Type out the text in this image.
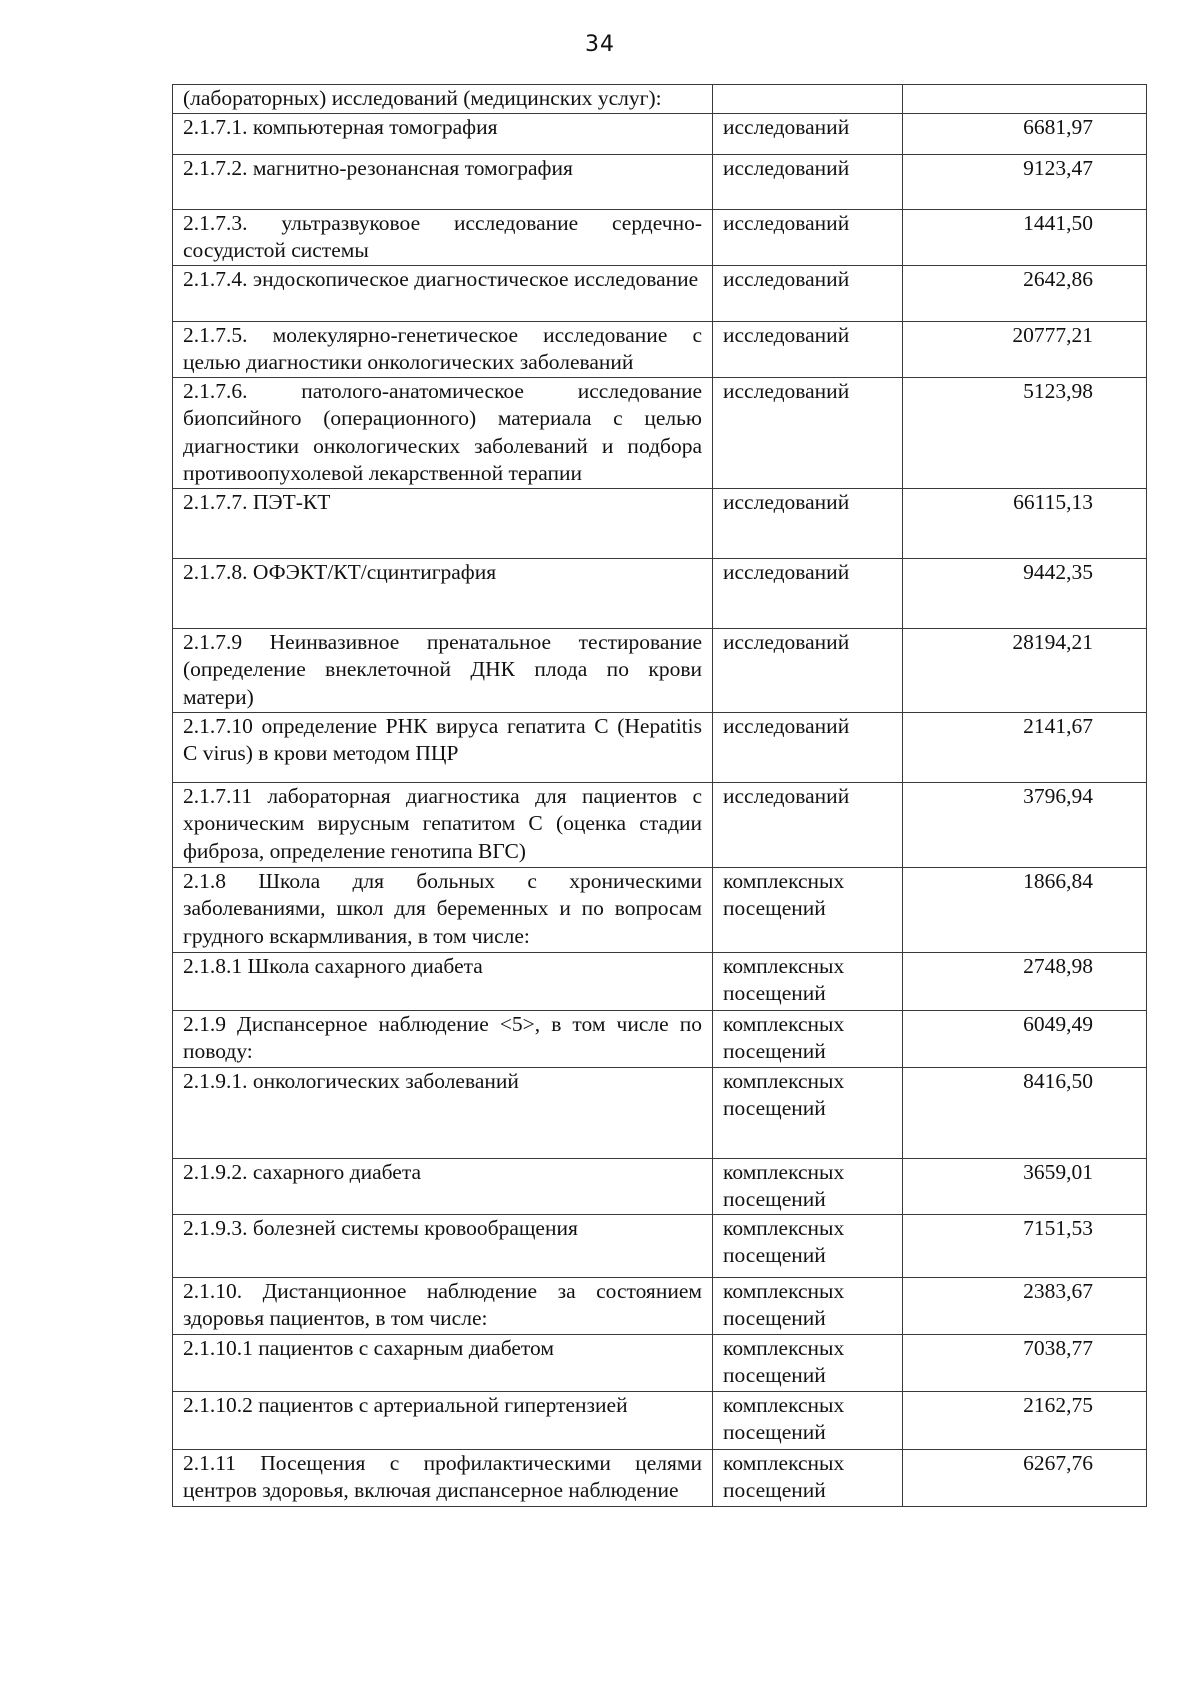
34
(лабораторных) исследований (медицинских услуг):		
2.1.7.1. компьютерная томография	исследований	6681,97
2.1.7.2. магнитно-резонансная томография	исследований	9123,47
2.1.7.3. ультразвуковое исследование сердечно-сосудистой системы	исследований	1441,50
2.1.7.4. эндоскопическое диагностическое исследование	исследований	2642,86
2.1.7.5. молекулярно-генетическое исследование с целью диагностики онкологических заболеваний	исследований	20777,21
2.1.7.6. патолого-анатомическое исследование биопсийного (операционного) материала с целью диагностики онкологических заболеваний и подбора противоопухолевой лекарственной терапии	исследований	5123,98
2.1.7.7. ПЭТ-КТ	исследований	66115,13
2.1.7.8. ОФЭКТ/КТ/сцинтиграфия	исследований	9442,35
2.1.7.9 Неинвазивное пренатальное тестирование (определение внеклеточной ДНК плода по крови матери)	исследований	28194,21
2.1.7.10 определение РНК вируса гепатита С (Hepatitis C virus) в крови методом ПЦР	исследований	2141,67
2.1.7.11 лабораторная диагностика для пациентов с хроническим вирусным гепатитом С (оценка стадии фиброза, определение генотипа ВГС)	исследований	3796,94
2.1.8 Школа для больных с хроническими заболеваниями, школ для беременных и по вопросам грудного вскармливания, в том числе:	комплексных посещений	1866,84
2.1.8.1 Школа сахарного диабета	комплексных посещений	2748,98
2.1.9 Диспансерное наблюдение <5>, в том числе по поводу:	комплексных посещений	6049,49
2.1.9.1. онкологических заболеваний	комплексных посещений	8416,50
2.1.9.2. сахарного диабета	комплексных посещений	3659,01
2.1.9.3. болезней системы кровообращения	комплексных посещений	7151,53
2.1.10. Дистанционное наблюдение за состоянием здоровья пациентов, в том числе:	комплексных посещений	2383,67
2.1.10.1 пациентов с сахарным диабетом	комплексных посещений	7038,77
2.1.10.2 пациентов с артериальной гипертензией	комплексных посещений	2162,75
2.1.11 Посещения с профилактическими целями центров здоровья, включая диспансерное наблюдение	комплексных посещений	6267,76
